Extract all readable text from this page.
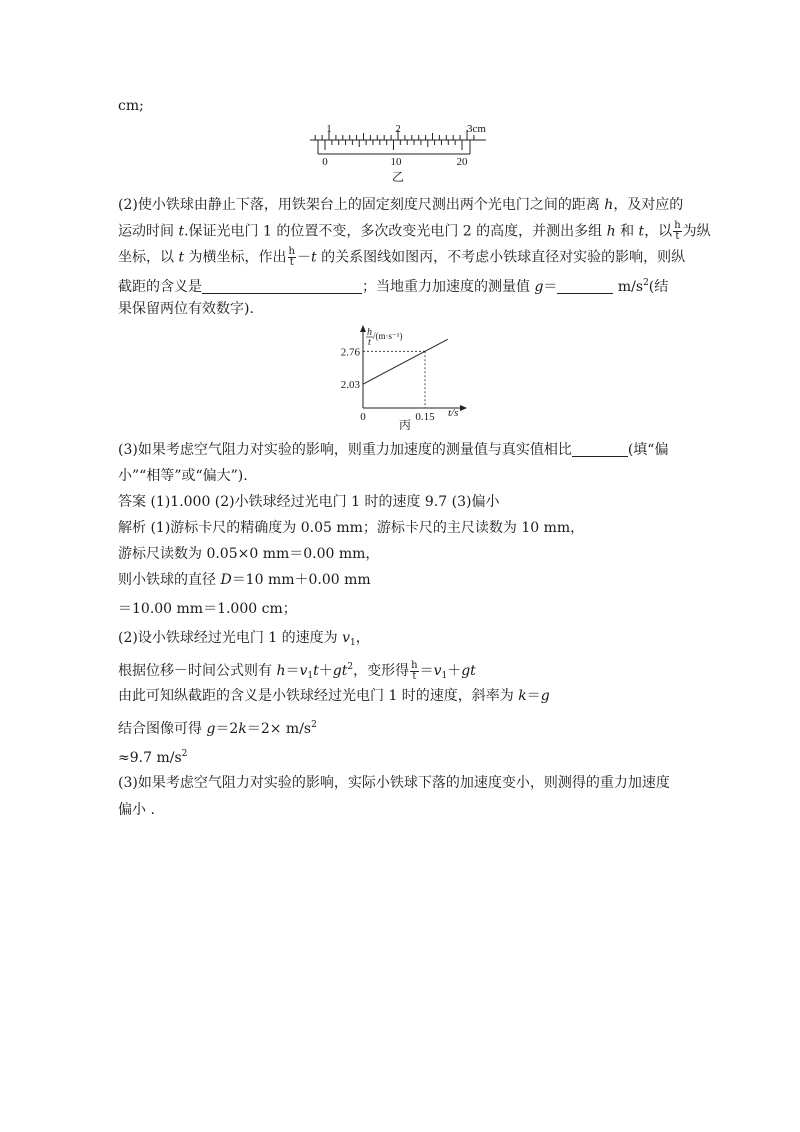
cm;
1	2	3cm
0	10	20
乙
(2)使小铁球由静止下落，用铁架台上的固定刻度尺测出两个光电门之间的距离 h，及对应的
运动时间 t.保证光电门 1 的位置不变，多次改变光电门 2 的高度，并测出多组 h 和 t，以 $\frac{h}{t}$ 为纵
坐标，以 t 为横坐标，作出 $\frac{h}{t} -t$ 的关系图线如图丙，不考虑小铁球直径对实验的影响，则纵
截距的含义是	；当地重力加速度的测量值 g＝	$m/s^2$(结
果保留两位有效数字).
h
t
/(m·s⁻¹)
2.76
2.03
0.15
0	t/s
丙
(3)如果考虑空气阻力对实验的影响，则重力加速度的测量值与真实值相比	(填“偏
小”“相等”或“偏大”).
答案 (1)1.000 (2)小铁球经过光电门 1 时的速度 9.7 (3)偏小
解析 (1)游标卡尺的精确度为 0.05 mm；游标卡尺的主尺读数为 10 mm，
游标尺读数为 0.05×0 mm＝0.00 mm，
则小铁球的直径 D＝10 mm＋0.00 mm
＝10.00 mm＝1.000 cm；
(2)设小铁球经过光电门 1 的速度为 $v_1$，
根据位移－时间公式则有 $h=v_1t+gt^2$，变形得 $\frac{h}{t} =v_1+gt$
由此可知纵截距的含义是小铁球经过光电门 1 时的速度，斜率为 k＝g
结合图像可得 $g=2k=2\times m/s^2$
≈9.7 $m/s^2$
(3)如果考虑空气阻力对实验的影响，实际小铁球下落的加速度变小，则测得的重力加速度
偏小 .
